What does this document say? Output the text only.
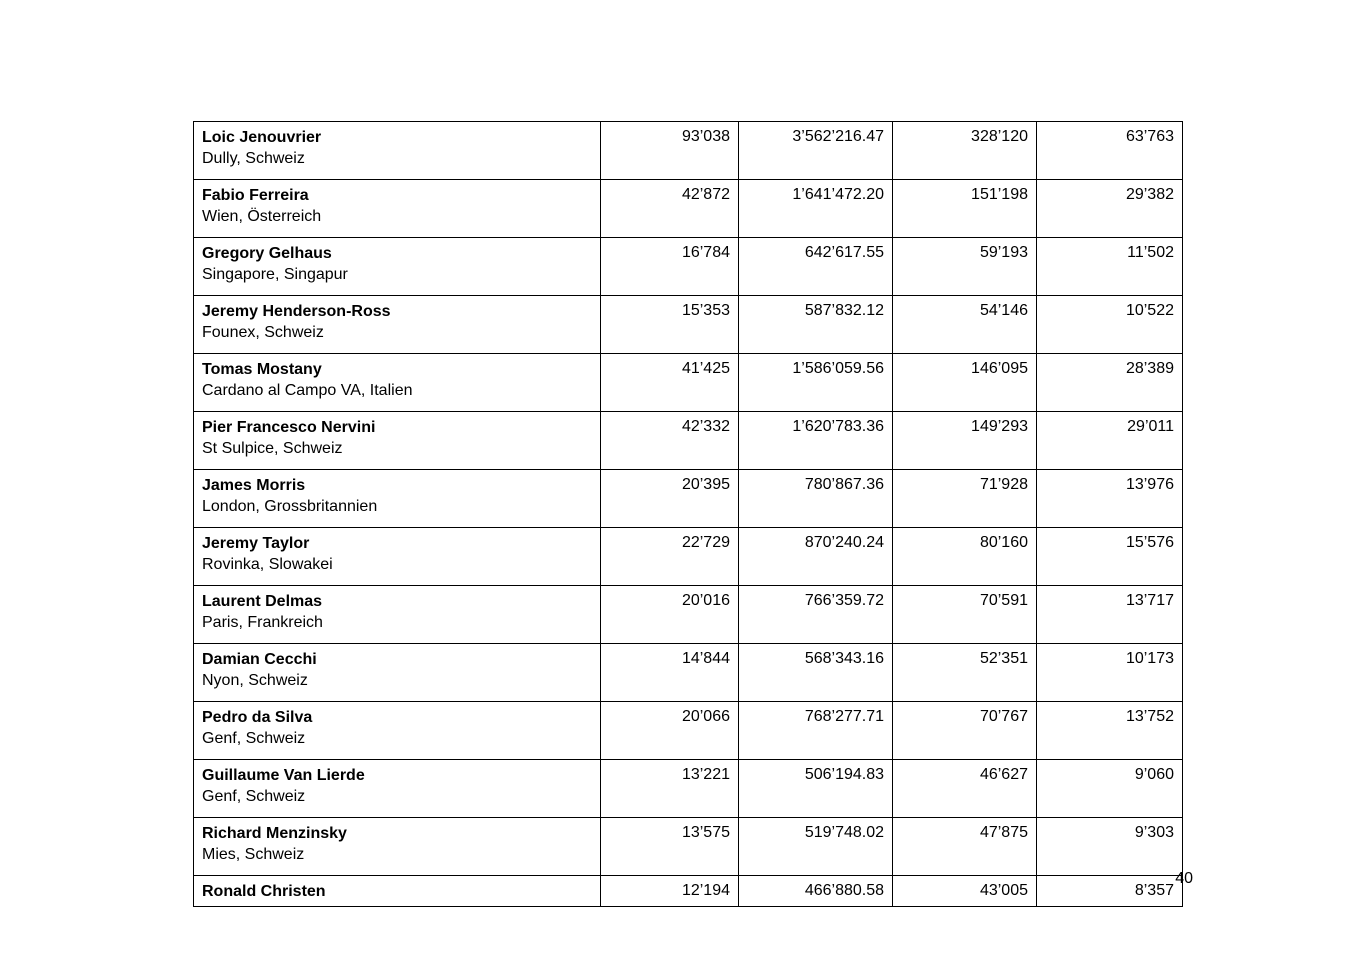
Loic Jenouvrier
Dully, Schweiz	93’038	3’562’216.47	328’120	63’763

Fabio Ferreira
Wien, Österreich	42’872	1’641’472.20	151’198	29’382

Gregory Gelhaus
Singapore, Singapur	16’784	642’617.55	59’193	11’502

Jeremy Henderson-Ross
Founex, Schweiz	15’353	587’832.12	54’146	10’522

Tomas Mostany
Cardano al Campo VA, Italien	41’425	1’586’059.56	146’095	28’389

Pier Francesco Nervini
St Sulpice, Schweiz	42’332	1’620’783.36	149’293	29’011

James Morris
London, Grossbritannien	20’395	780’867.36	71’928	13’976

Jeremy Taylor
Rovinka, Slowakei	22’729	870’240.24	80’160	15’576

Laurent Delmas
Paris, Frankreich	20’016	766’359.72	70’591	13’717

Damian Cecchi
Nyon, Schweiz	14’844	568’343.16	52’351	10’173

Pedro da Silva
Genf, Schweiz	20’066	768’277.71	70’767	13’752

Guillaume Van Lierde
Genf, Schweiz	13’221	506’194.83	46’627	9’060

Richard Menzinsky
Mies, Schweiz	13’575	519’748.02	47’875	9’303

Ronald Christen	12’194	466’880.58	43’005	8’357
40
